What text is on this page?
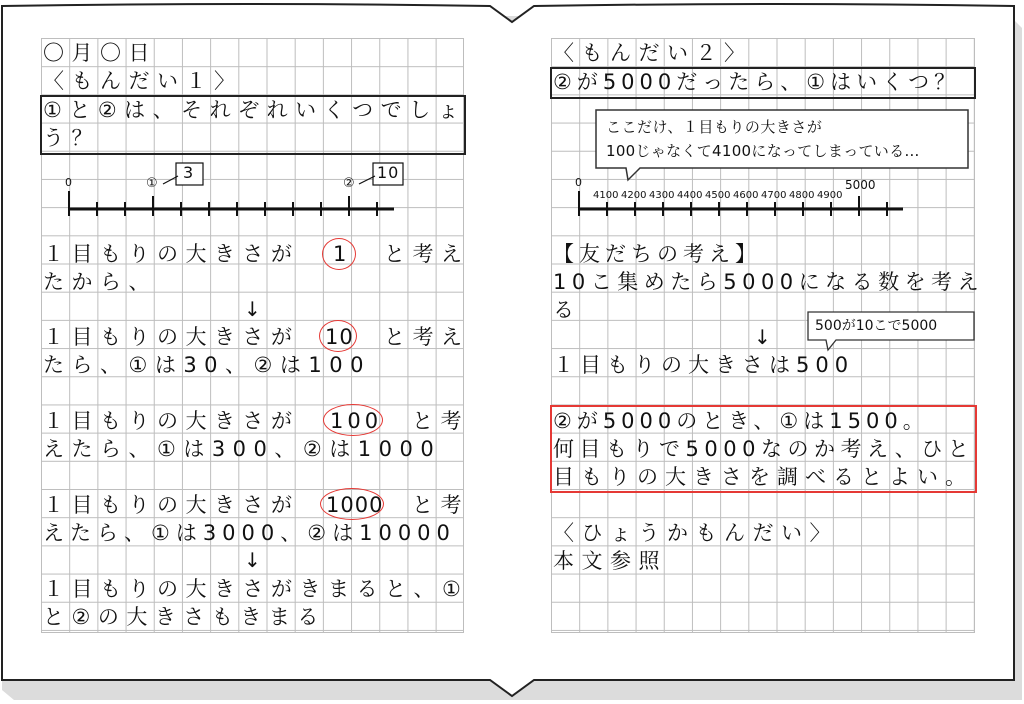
〇月〇日
〈もんだい１〉
①と②は、それぞれいくつでしょ
う？
0	①
3
②
10
１目もりの大きさが 1 と考え
たから、
↓
１目もりの大きさが 10 と考え
たら、①は30、②は100
１目もりの大きさが 100 と考
えたら、①は300、②は1000
１目もりの大きさが 1000 と考
えたら、①は3000、②は10000
↓
１目もりの大きさがきまると、①
と②の大きさもきまる
〈もんだい２〉
②が5000だったら、①はいくつ？
ここだけ、１目もりの大きさが
100じゃなくて4100になってしまっている…
0
4100 4200 4300 4400 4500 4600 4700 4800 4900
5000
【友だちの考え】
10こ集めたら5000になる数を考え
る
↓	500が10こで5000
１目もりの大きさは500
②が5000のとき、①は1500。
何目もりで5000なのか考え、ひと
目もりの大きさを調べるとよい。
〈ひょうかもんだい〉
本文参照
